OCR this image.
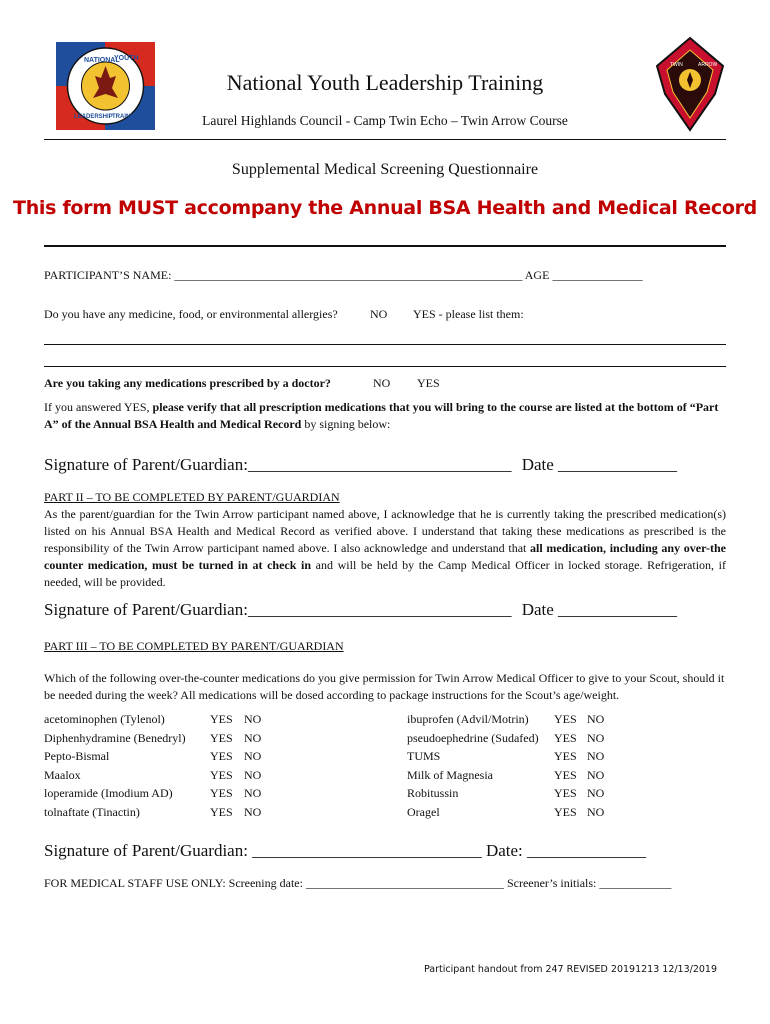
NATIONAL
YOUTH
LEADERSHIP TRAINING
TWIN	ARROW
National Youth Leadership Training
Laurel Highlands Council - Camp Twin Echo – Twin Arrow Course
Supplemental Medical Screening Questionnaire
This form MUST accompany the Annual BSA Health and Medical Record
PARTICIPANT’S NAME: __________________________________________________________ AGE _______________
Do you have any medicine, food, or environmental allergies?	NO YES - please list them:
Are you taking any medications prescribed by a doctor?	NO YES
If you answered YES, please verify that all prescription medications that you will bring to the course are listed at the bottom of “Part A” of the Annual BSA Health and Medical Record by signing below:
Signature of Parent/Guardian:_______________________________ Date ______________
PART II – TO BE COMPLETED BY PARENT/GUARDIAN
As the parent/guardian for the Twin Arrow participant named above, I acknowledge that he is currently taking the prescribed medication(s) listed on his Annual BSA Health and Medical Record as verified above. I understand that taking these medications as prescribed is the responsibility of the Twin Arrow participant named above. I also acknowledge and understand that all medication, including any over-the counter medication, must be turned in at check in and will be held by the Camp Medical Officer in locked storage. Refrigeration, if needed, will be provided.
Signature of Parent/Guardian:_______________________________ Date ______________
PART III – TO BE COMPLETED BY PARENT/GUARDIAN
Which of the following over-the-counter medications do you give permission for Twin Arrow Medical Officer to give to your Scout, should it be needed during the week? All medications will be dosed according to package instructions for the Scout’s age/weight.
acetominophen (Tylenol)	YES NO	ibuprofen (Advil/Motrin) YES NO
Diphenhydramine (Benedryl) YES NO	pseudoephedrine (Sudafed) YES NO
Pepto-Bismal	YES NO	TUMS	YES NO
Maalox	YES NO	Milk of Magnesia	YES NO
loperamide (Imodium AD)	YES NO	Robitussin	YES NO
tolnaftate (Tinactin)	YES NO	Oragel	YES NO
Signature of Parent/Guardian: ___________________________ Date: ______________
FOR MEDICAL STAFF USE ONLY: Screening date: _________________________________ Screener’s initials: ____________
Participant handout from 247 REVISED 20191213 12/13/2019
